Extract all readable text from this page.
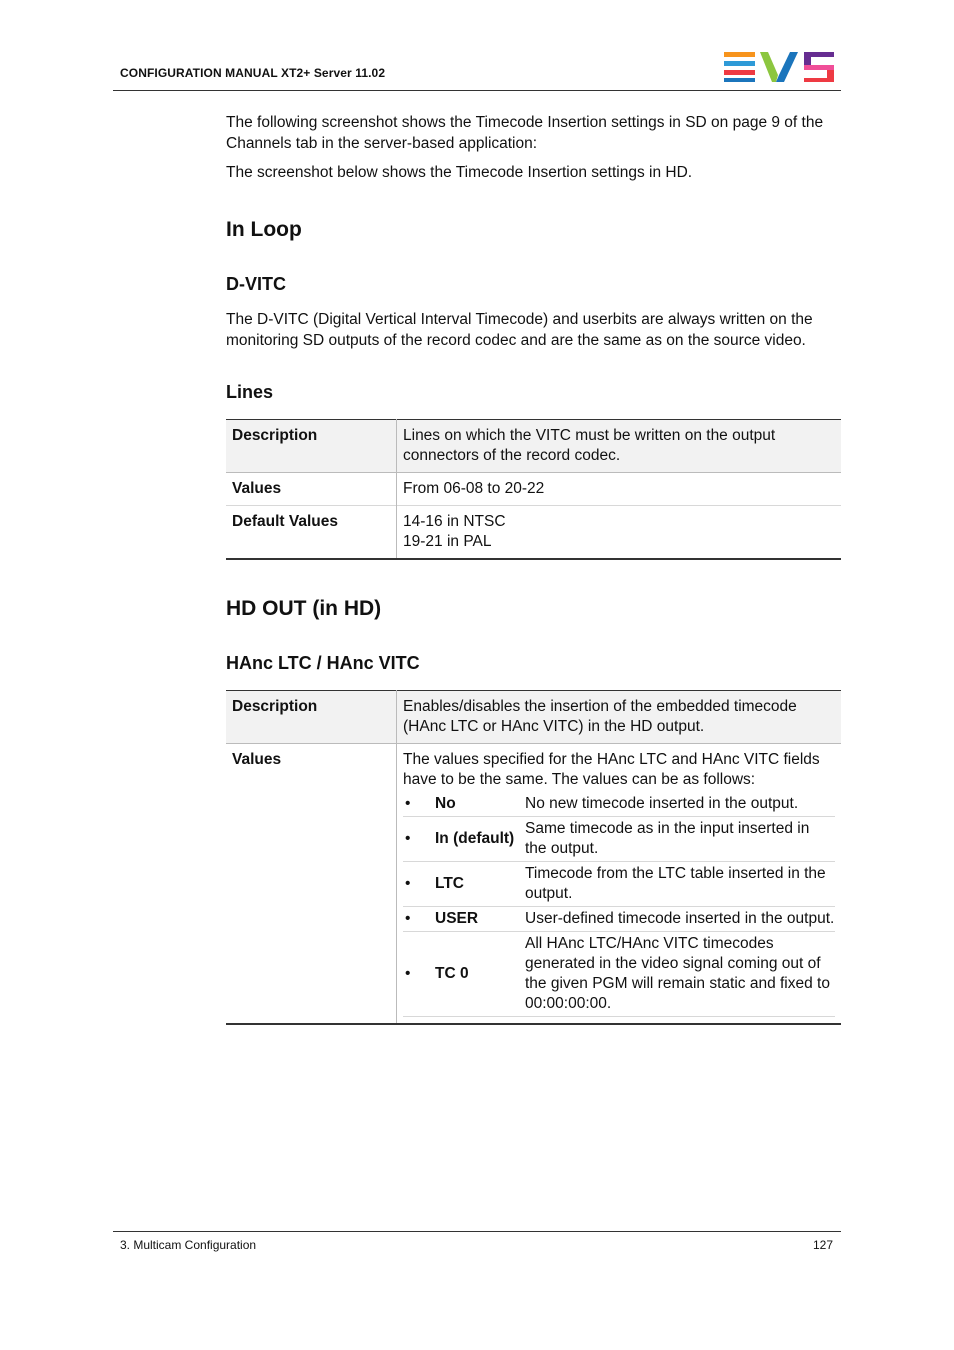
CONFIGURATION MANUAL XT2+ Server 11.02

The following screenshot shows the Timecode Insertion settings in SD on page 9 of the Channels tab in the server-based application:

The screenshot below shows the Timecode Insertion settings in HD.

In Loop
D-VITC

The D-VITC (Digital Vertical Interval Timecode) and userbits are always written on the monitoring SD outputs of the record codec and are the same as on the source video.

Lines
Description	Lines on which the VITC must be written on the output connectors of the record codec.
Values	From 06-08 to 20-22
Default Values	14-16 in NTSC
19-21 in PAL
HD OUT (in HD)
HAnc LTC / HAnc VITC
Description	Enables/disables the insertion of the embedded timecode (HAnc LTC or HAnc VITC) in the HD output.
Values	The values specified for the HAnc LTC and HAnc VITC fields have to be the same. The values can be as follows:
•	No	No new timecode inserted in the output.
•	In (default)	Same timecode as in the input inserted in the output.
•	LTC	Timecode from the LTC table inserted in the output.
•	USER	User-defined timecode inserted in the output.
•	TC 0	All HAnc LTC/HAnc VITC timecodes generated in the video signal coming out of the given PGM will remain static and fixed to 00:00:00:00.
3. Multicam Configuration	127
